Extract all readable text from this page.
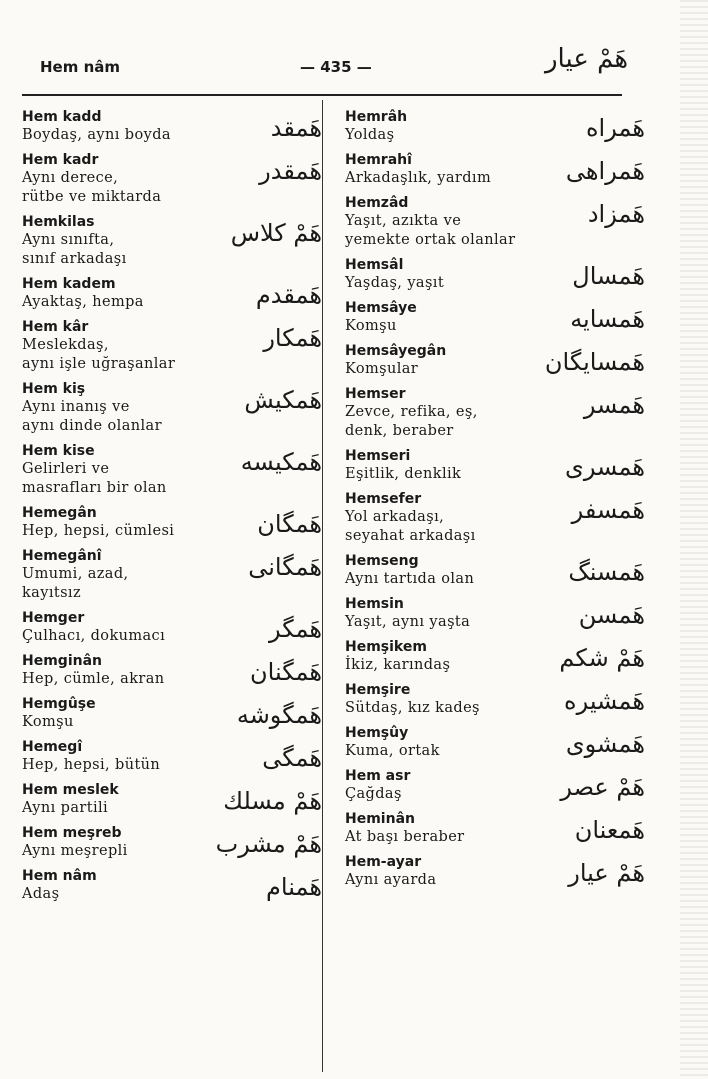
Hem nâm	— 435 —	هَمْ عيار
Hem kadd
Boydaş, aynı boyda	هَمقد
Hem kadr
Aynı derece,
rütbe ve miktarda
هَمقدر
Hemkilas
Aynı sınıfta,
sınıf arkadaşı
هَمْ كلاس
Hem kadem
Ayaktaş, hempa	هَمقدم
Hem kâr
Meslekdaş,
aynı işle uğraşanlar
هَمكار
Hem kiş
Aynı inanış ve
aynı dinde olanlar
هَمكيش
Hem kise
Gelirleri ve
masrafları bir olan
هَمكيسه
Hemegân
Hep, hepsi, cümlesi	هَمگان
Hemegânî
Umumi, azad,
kayıtsız
هَمگانى
Hemger
Çulhacı, dokumacı	هَمگر
Hemginân
Hep, cümle, akran	هَمگنان
Hemgûşe
Komşu	هَمگوشه
Hemegî
Hep, hepsi, bütün	هَمگى
Hem meslek
Aynı partili	هَمْ مسلك
Hem meşreb
Aynı meşrepli	هَمْ مشرب
Hem nâm
Adaş	هَمنام
Hemrâh
Yoldaş	هَمراه
Hemrahî
Arkadaşlık, yardım	هَمراهى
Hemzâd
Yaşıt, azıkta ve
yemekte ortak olanlar
هَمزاد
Hemsâl
Yaşdaş, yaşıt	هَمسال
Hemsâye
Komşu	هَمسايه
Hemsâyegân
Komşular	هَمسايگان
Hemser
Zevce, refika, eş,
denk, beraber
هَمسر
Hemseri
Eşitlik, denklik	هَمسرى
Hemsefer
Yol arkadaşı,
seyahat arkadaşı
هَمسفر
Hemseng
Aynı tartıda olan	هَمسنگ
Hemsin
Yaşıt, aynı yaşta	هَمسن
Hemşikem
İkiz, karındaş	هَمْ شكم
Hemşire
Sütdaş, kız kadeş	هَمشيره
Hemşûy
Kuma, ortak	هَمشوى
Hem asr
Çağdaş	هَمْ عصر
Heminân
At başı beraber	هَمعنان
Hem-ayar
Aynı ayarda	هَمْ عيار
